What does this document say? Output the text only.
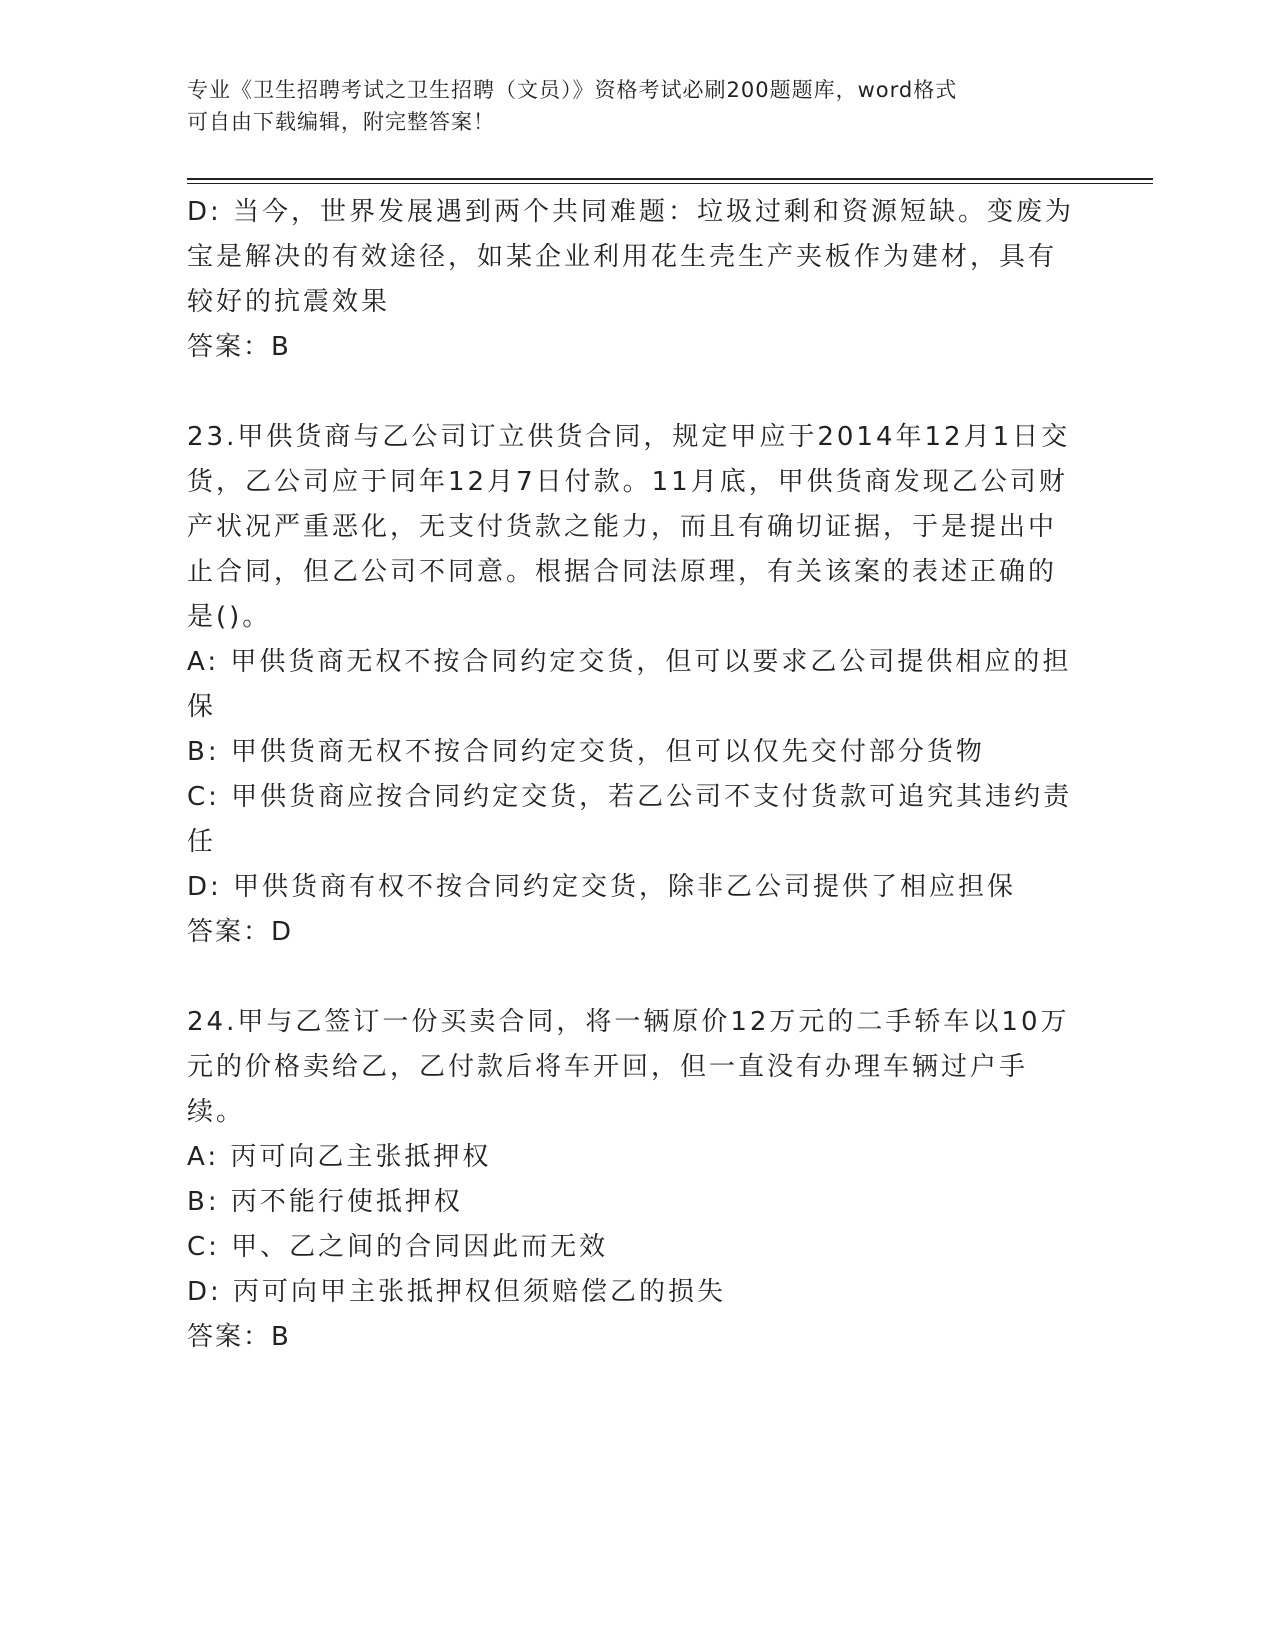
专业《卫生招聘考试之卫生招聘（文员）》资格考试必刷200题题库，word格式
可自由下载编辑，附完整答案！

D: 当今，世界发展遇到两个共同难题：垃圾过剩和资源短缺。变废为宝是解决的有效途径，如某企业利用花生壳生产夹板作为建材，具有较好的抗震效果

答案：B

23.甲供货商与乙公司订立供货合同，规定甲应于2014年12月1日交货，乙公司应于同年12月7日付款。11月底，甲供货商发现乙公司财产状况严重恶化，无支付货款之能力，而且有确切证据，于是提出中止合同，但乙公司不同意。根据合同法原理，有关该案的表述正确的是()。

A: 甲供货商无权不按合同约定交货，但可以要求乙公司提供相应的担保

B: 甲供货商无权不按合同约定交货，但可以仅先交付部分货物

C: 甲供货商应按合同约定交货，若乙公司不支付货款可追究其违约责任

D: 甲供货商有权不按合同约定交货，除非乙公司提供了相应担保

答案：D

24.甲与乙签订一份买卖合同，将一辆原价12万元的二手轿车以10万元的价格卖给乙，乙付款后将车开回，但一直没有办理车辆过户手续。

A: 丙可向乙主张抵押权

B: 丙不能行使抵押权

C: 甲、乙之间的合同因此而无效

D: 丙可向甲主张抵押权但须赔偿乙的损失

答案：B
